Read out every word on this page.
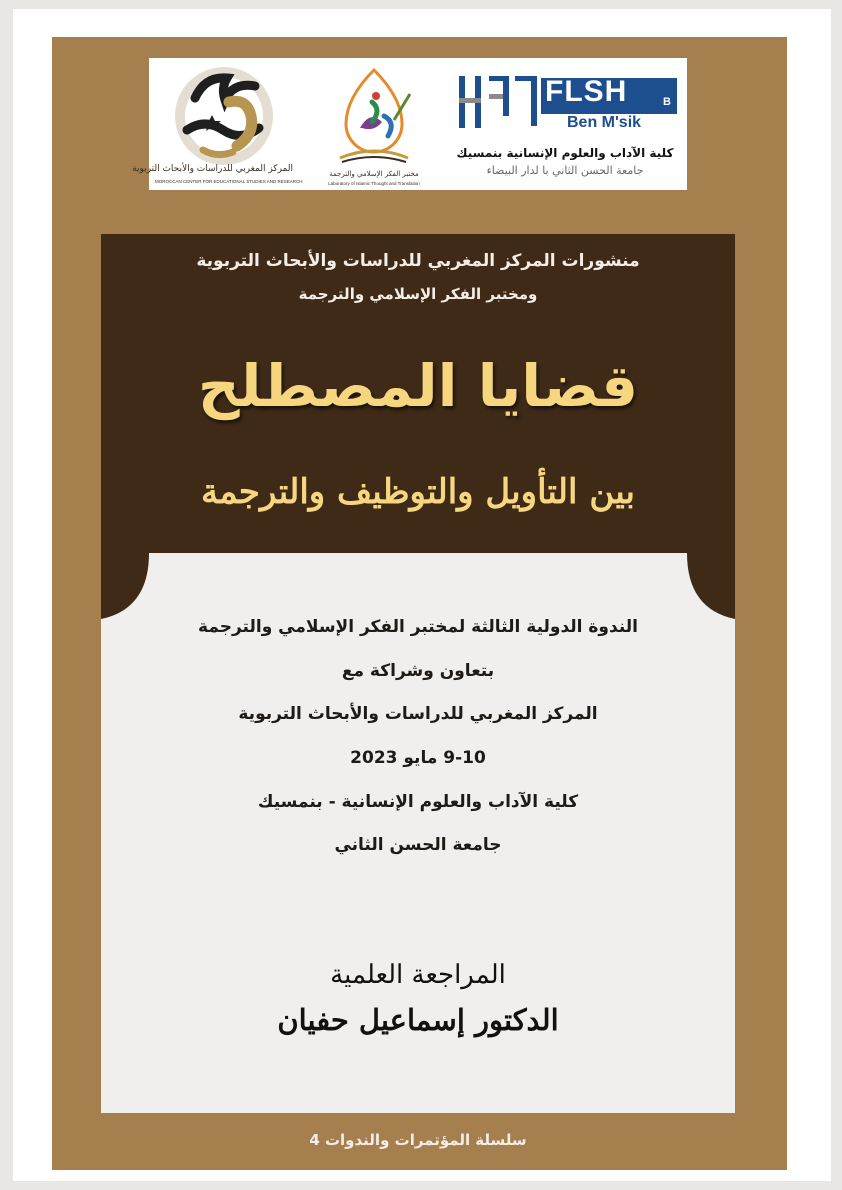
المركز المغربي للدراسات والأبحاث التربوية
MOROCCAN CENTER FOR EDUCATIONAL STUDIES AND RESEARCH
مختبر الفكر الإسلامي والترجمة
Laboratory of Islamic Thought and Translation
FLSH	B
Ben M'sik
كلية الآداب والعلوم الإنسانية بنمسيك
جامعة الحسن الثاني با لدار البيضاء
منشورات المركز المغربي للدراسات والأبحاث التربوية
ومختبر الفكر الإسلامي والترجمة
قضايا المصطلح
بين التأويل والتوظيف والترجمة
الندوة الدولية الثالثة لمختبر الفكر الإسلامي والترجمة
بتعاون وشراكة مع
المركز المغربي للدراسات والأبحاث التربوية
9-10 مايو 2023
كلية الآداب والعلوم الإنسانية - بنمسيك
جامعة الحسن الثاني
المراجعة العلمية
الدكتور إسماعيل حفيان
سلسلة المؤتمرات والندوات 4
